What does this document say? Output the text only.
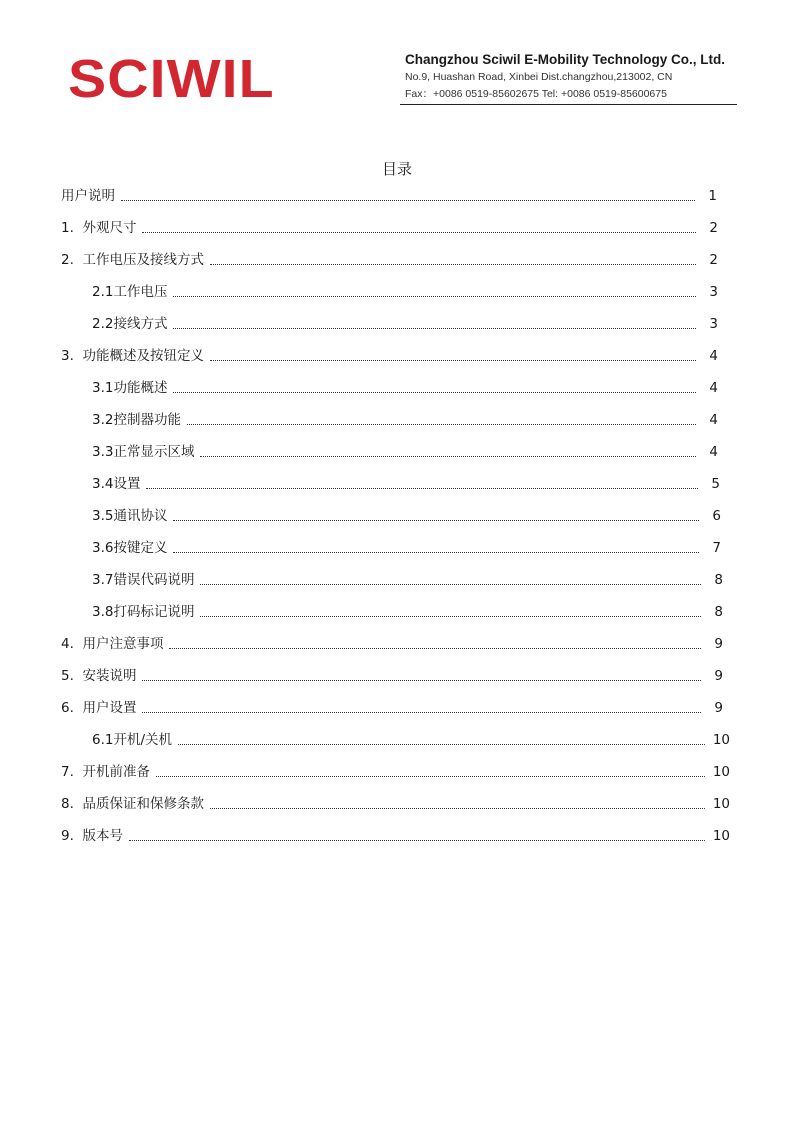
SCIWIL	Changzhou Sciwil E-Mobility Technology Co., Ltd.
No.9, Huashan Road, Xinbei Dist.changzhou,213002, CN
Fax：+0086 0519-85602675 Tel: +0086 0519-85600675
目录
用户说明	1
1.  外观尺寸	2
2.  工作电压及接线方式	2
2.1工作电压	3
2.2接线方式	3
3.  功能概述及按钮定义	4
3.1功能概述	4
3.2控制器功能	4
3.3正常显示区域	4
3.4设置	5
3.5通讯协议	6
3.6按键定义	7
3.7错误代码说明	8
3.8打码标记说明	8
4.  用户注意事项	9
5.  安装说明	9
6.  用户设置	9
6.1开机/关机	10
7.  开机前准备	10
8.  品质保证和保修条款	10
9.  版本号	10
